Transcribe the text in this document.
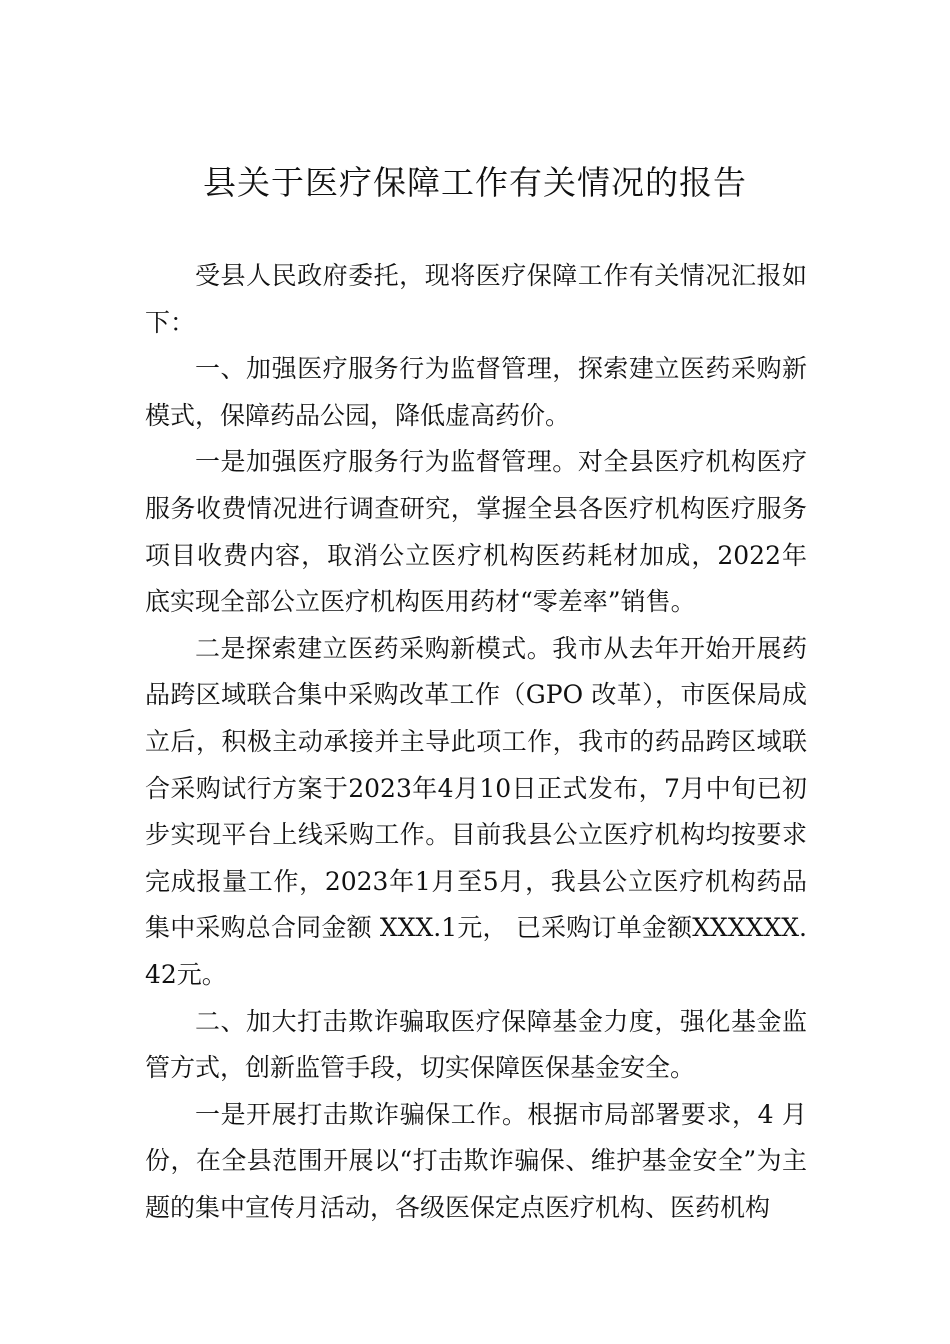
县关于医疗保障工作有关情况的报告

受县人民政府委托，现将医疗保障工作有关情况汇报如下：

一、加强医疗服务行为监督管理，探索建立医药采购新模式，保障药品公园，降低虚高药价。

一是加强医疗服务行为监督管理。对全县医疗机构医疗服务收费情况进行调查研究，掌握全县各医疗机构医疗服务项目收费内容，取消公立医疗机构医药耗材加成，2022年底实现全部公立医疗机构医用药材“零差率”销售。

二是探索建立医药采购新模式。我市从去年开始开展药品跨区域联合集中采购改革工作（GPO 改革），市医保局成立后，积极主动承接并主导此项工作，我市的药品跨区域联合采购试行方案于2023年4月10日正式发布，7月中旬已初步实现平台上线采购工作。目前我县公立医疗机构均按要求完成报量工作，2023年1月至5月，我县公立医疗机构药品集中采购总合同金额 XXX.1元， 已采购订单金额XXXXXX.42元。

二、加大打击欺诈骗取医疗保障基金力度，强化基金监管方式，创新监管手段，切实保障医保基金安全。

一是开展打击欺诈骗保工作。根据市局部署要求，4 月份，在全县范围开展以“打击欺诈骗保、维护基金安全”为主题的集中宣传月活动，各级医保定点医疗机构、医药机构
